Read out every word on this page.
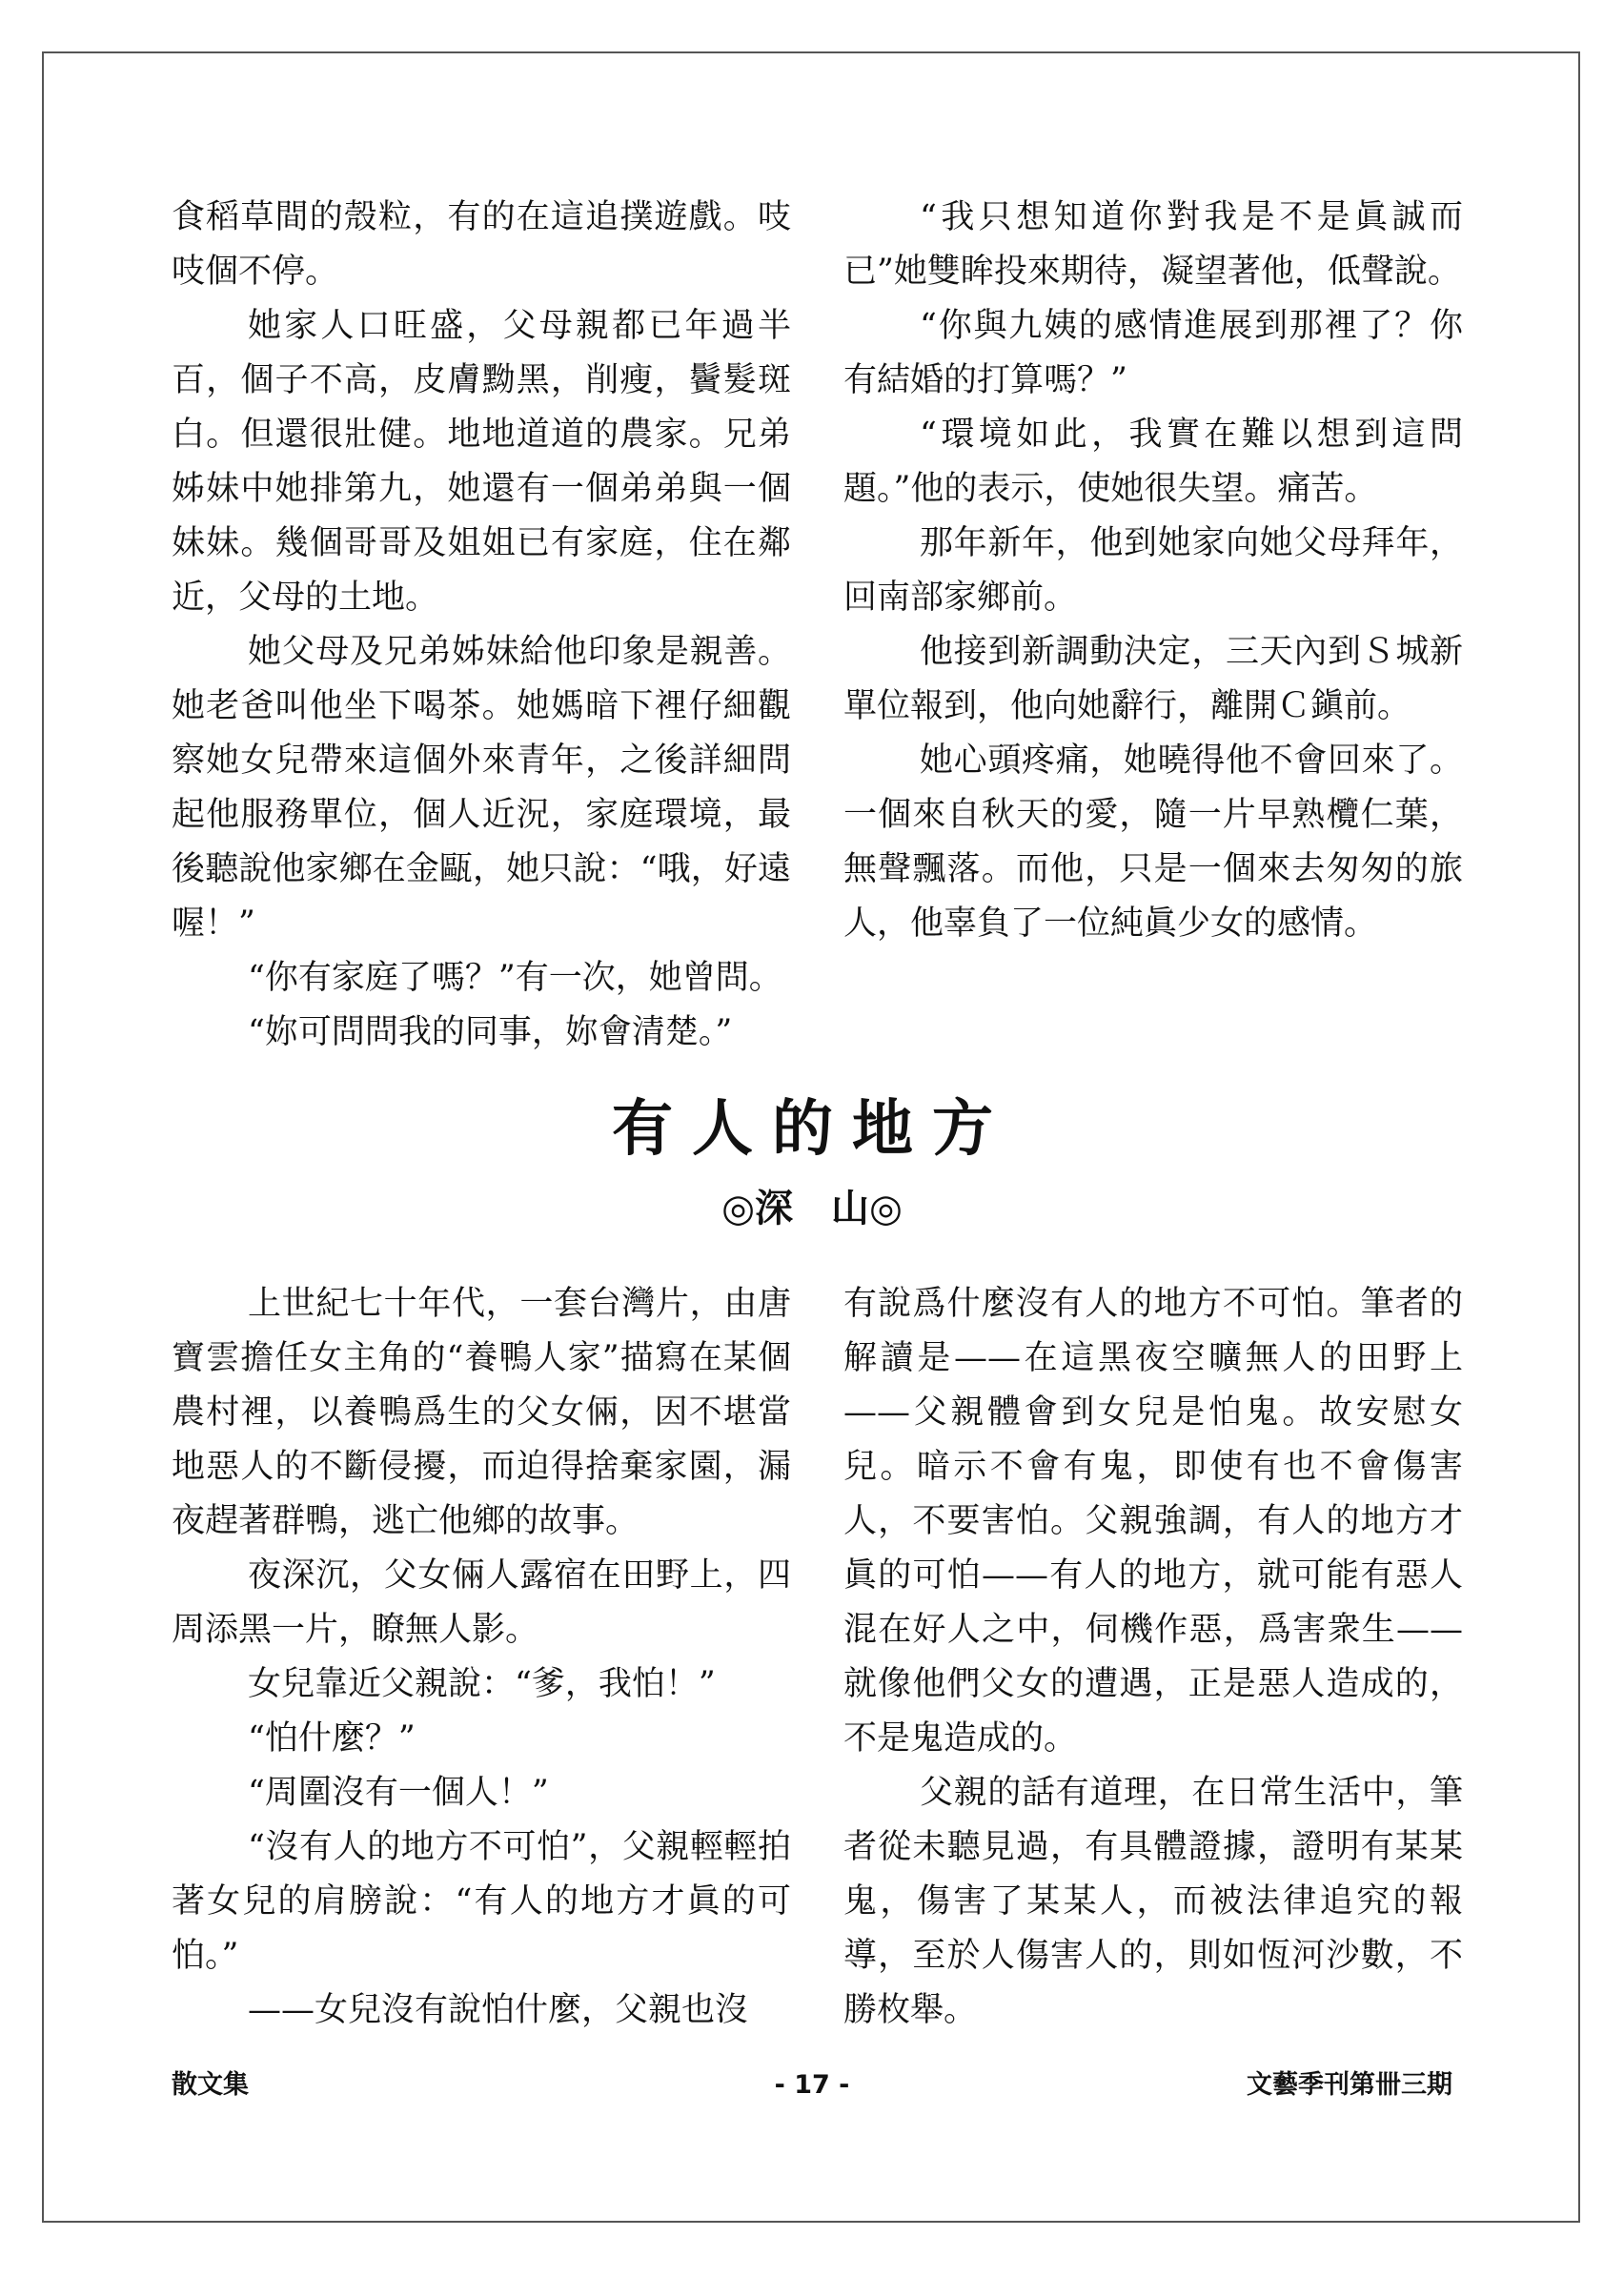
食稻草間的殼粒，有的在這追撲遊戲。吱吱個不停。

她家人口旺盛，父母親都已年過半百，個子不高，皮膚黝黑，削瘦，鬢髮斑白。但還很壯健。地地道道的農家。兄弟姊妹中她排第九，她還有一個弟弟與一個妹妹。幾個哥哥及姐姐已有家庭，住在鄰近，父母的土地。

她父母及兄弟姊妹給他印象是親善。她老爸叫他坐下喝茶。她媽暗下裡仔細觀察她女兒帶來這個外來青年，之後詳細問起他服務單位，個人近況，家庭環境，最後聽說他家鄉在金甌，她只說：“哦，好遠喔！”

“你有家庭了嗎？”有一次，她曾問。

“妳可問問我的同事，妳會清楚。”

“我只想知道你對我是不是眞誠而已”她雙眸投來期待，凝望著他，低聲說。

“你與九姨的感情進展到那裡了？你有結婚的打算嗎？”

“環境如此，我實在難以想到這問題。”他的表示，使她很失望。痛苦。

那年新年，他到她家向她父母拜年，回南部家鄉前。

他接到新調動決定，三天內到Ｓ城新單位報到，他向她辭行，離開Ｃ鎭前。

她心頭疼痛，她曉得他不會回來了。一個來自秋天的愛，隨一片早熟欖仁葉，無聲飄落。而他，只是一個來去匆匆的旅人，他辜負了一位純眞少女的感情。

有人的地方
◎深　山◎

上世紀七十年代，一套台灣片，由唐寶雲擔任女主角的“養鴨人家”描寫在某個農村裡，以養鴨爲生的父女倆，因不堪當地惡人的不斷侵擾，而迫得捨棄家園，漏夜趕著群鴨，逃亡他鄉的故事。

夜深沉，父女倆人露宿在田野上，四周添黑一片，瞭無人影。

女兒靠近父親說：“爹，我怕！”

“怕什麼？”

“周圍沒有一個人！”

“沒有人的地方不可怕”，父親輕輕拍著女兒的肩膀說：“有人的地方才眞的可怕。”

——女兒沒有說怕什麼，父親也沒

有說爲什麼沒有人的地方不可怕。筆者的解讀是——在這黑夜空曠無人的田野上——父親體會到女兒是怕鬼。故安慰女兒。暗示不會有鬼，即使有也不會傷害人，不要害怕。父親強調，有人的地方才眞的可怕——有人的地方，就可能有惡人混在好人之中，伺機作惡，爲害衆生——就像他們父女的遭遇，正是惡人造成的，不是鬼造成的。

父親的話有道理，在日常生活中，筆者從未聽見過，有具體證據，證明有某某鬼，傷害了某某人，而被法律追究的報導，至於人傷害人的，則如恆河沙數，不勝枚舉。

散文集	- 17 -	文藝季刊第卌三期
